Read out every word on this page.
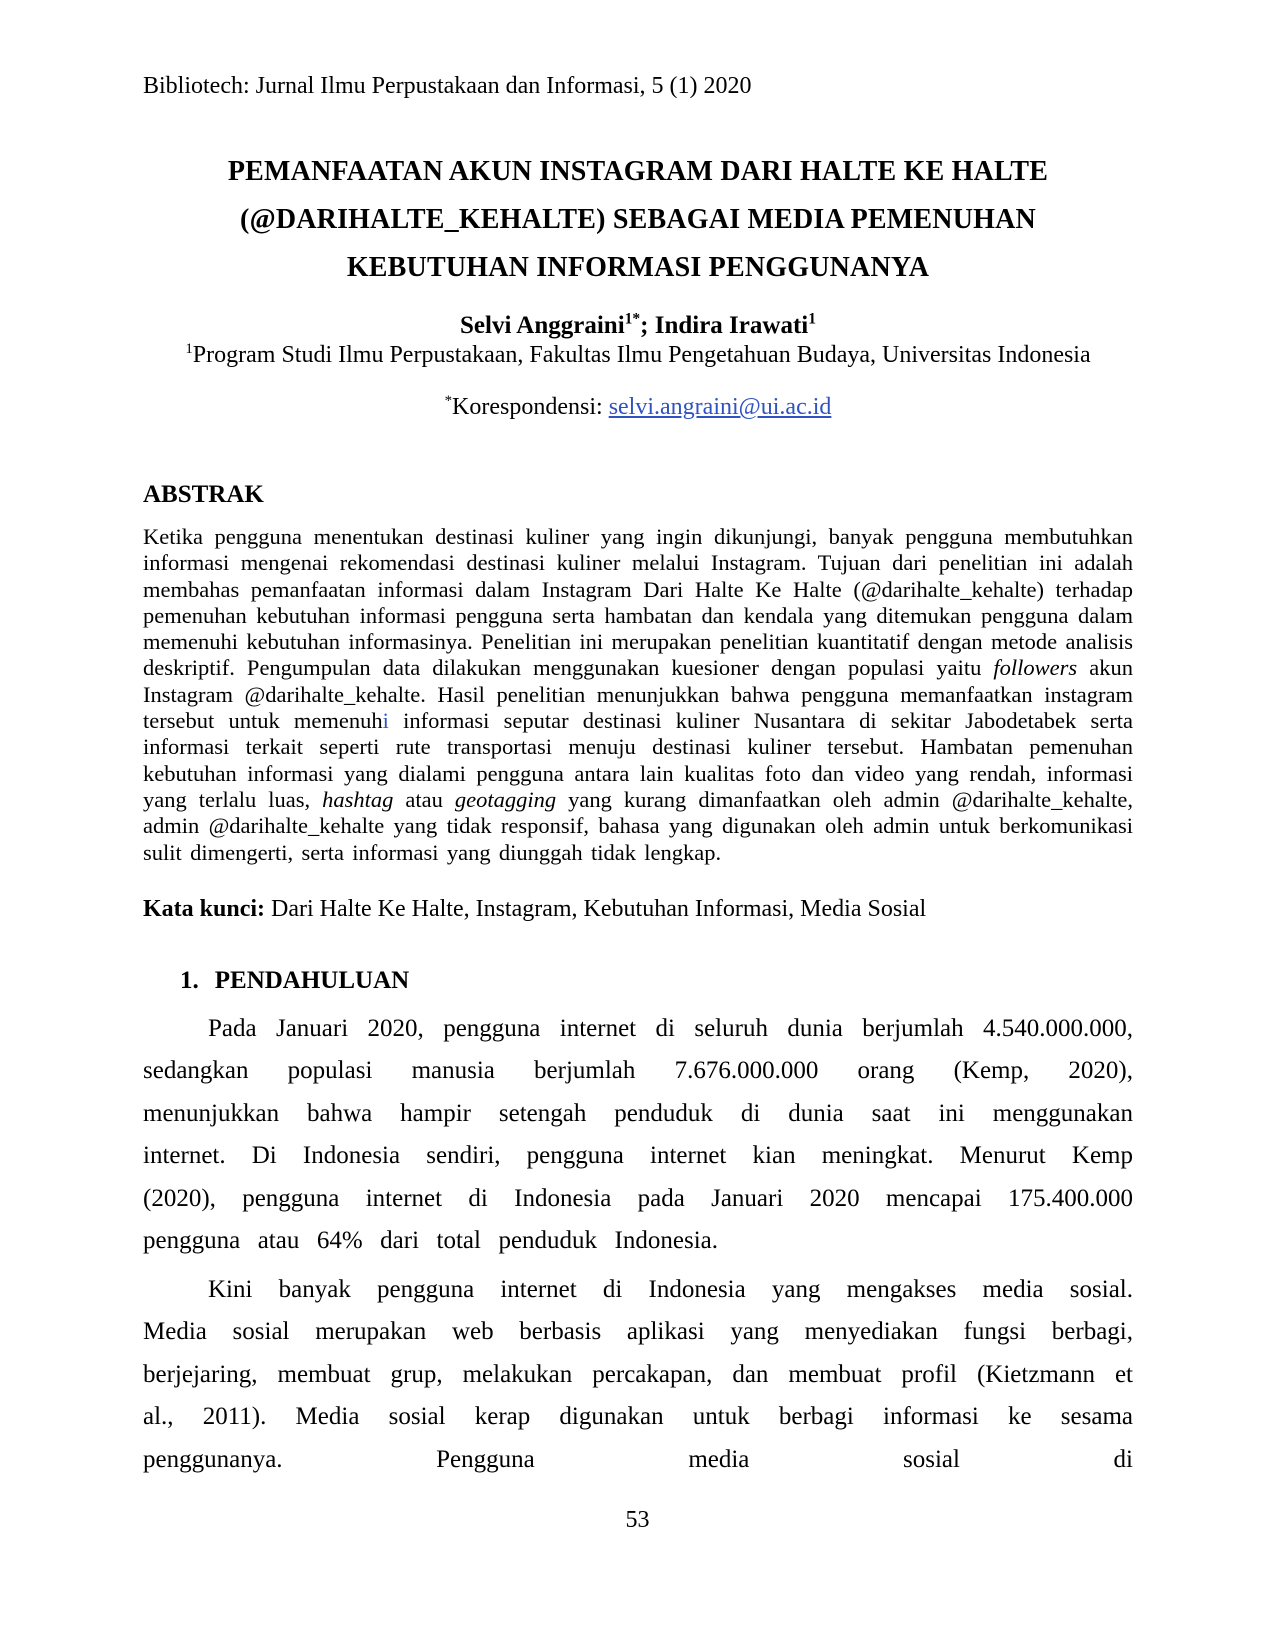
Bibliotech: Jurnal Ilmu Perpustakaan dan Informasi, 5 (1) 2020
PEMANFAATAN AKUN INSTAGRAM DARI HALTE KE HALTE
(@DARIHALTE_KEHALTE) SEBAGAI MEDIA PEMENUHAN
KEBUTUHAN INFORMASI PENGGUNANYA
Selvi Anggraini$^{1*}$; Indira Irawati$^1$
$^1$Program Studi Ilmu Perpustakaan, Fakultas Ilmu Pengetahuan Budaya, Universitas Indonesia
*Korespondensi: selvi.angraini@ui.ac.id
ABSTRAK
Ketika pengguna menentukan destinasi kuliner yang ingin dikunjungi, banyak pengguna membutuhkan informasi mengenai rekomendasi destinasi kuliner melalui Instagram. Tujuan dari penelitian ini adalah membahas pemanfaatan informasi dalam Instagram Dari Halte Ke Halte (@darihalte_kehalte) terhadap pemenuhan kebutuhan informasi pengguna serta hambatan dan kendala yang ditemukan pengguna dalam memenuhi kebutuhan informasinya. Penelitian ini merupakan penelitian kuantitatif dengan metode analisis deskriptif. Pengumpulan data dilakukan menggunakan kuesioner dengan populasi yaitu followers akun Instagram @darihalte_kehalte. Hasil penelitian menunjukkan bahwa pengguna memanfaatkan instagram tersebut untuk memenuhi informasi seputar destinasi kuliner Nusantara di sekitar Jabodetabek serta informasi terkait seperti rute transportasi menuju destinasi kuliner tersebut. Hambatan pemenuhan kebutuhan informasi yang dialami pengguna antara lain kualitas foto dan video yang rendah, informasi yang terlalu luas, hashtag atau geotagging yang kurang dimanfaatkan oleh admin @darihalte_kehalte, admin @darihalte_kehalte yang tidak responsif, bahasa yang digunakan oleh admin untuk berkomunikasi sulit dimengerti, serta informasi yang diunggah tidak lengkap.
Kata kunci: Dari Halte Ke Halte, Instagram, Kebutuhan Informasi, Media Sosial
1. PENDAHULUAN

Pada Januari 2020, pengguna internet di seluruh dunia berjumlah 4.540.000.000, sedangkan populasi manusia berjumlah 7.676.000.000 orang (Kemp, 2020), menunjukkan bahwa hampir setengah penduduk di dunia saat ini menggunakan internet. Di Indonesia sendiri, pengguna internet kian meningkat. Menurut Kemp (2020), pengguna internet di Indonesia pada Januari 2020 mencapai 175.400.000 pengguna atau 64% dari total penduduk Indonesia.

Kini banyak pengguna internet di Indonesia yang mengakses media sosial. Media sosial merupakan web berbasis aplikasi yang menyediakan fungsi berbagi, berjejaring, membuat grup, melakukan percakapan, dan membuat profil (Kietzmann et al., 2011). Media sosial kerap digunakan untuk berbagi informasi ke sesama penggunanya. Pengguna media sosial di

53
